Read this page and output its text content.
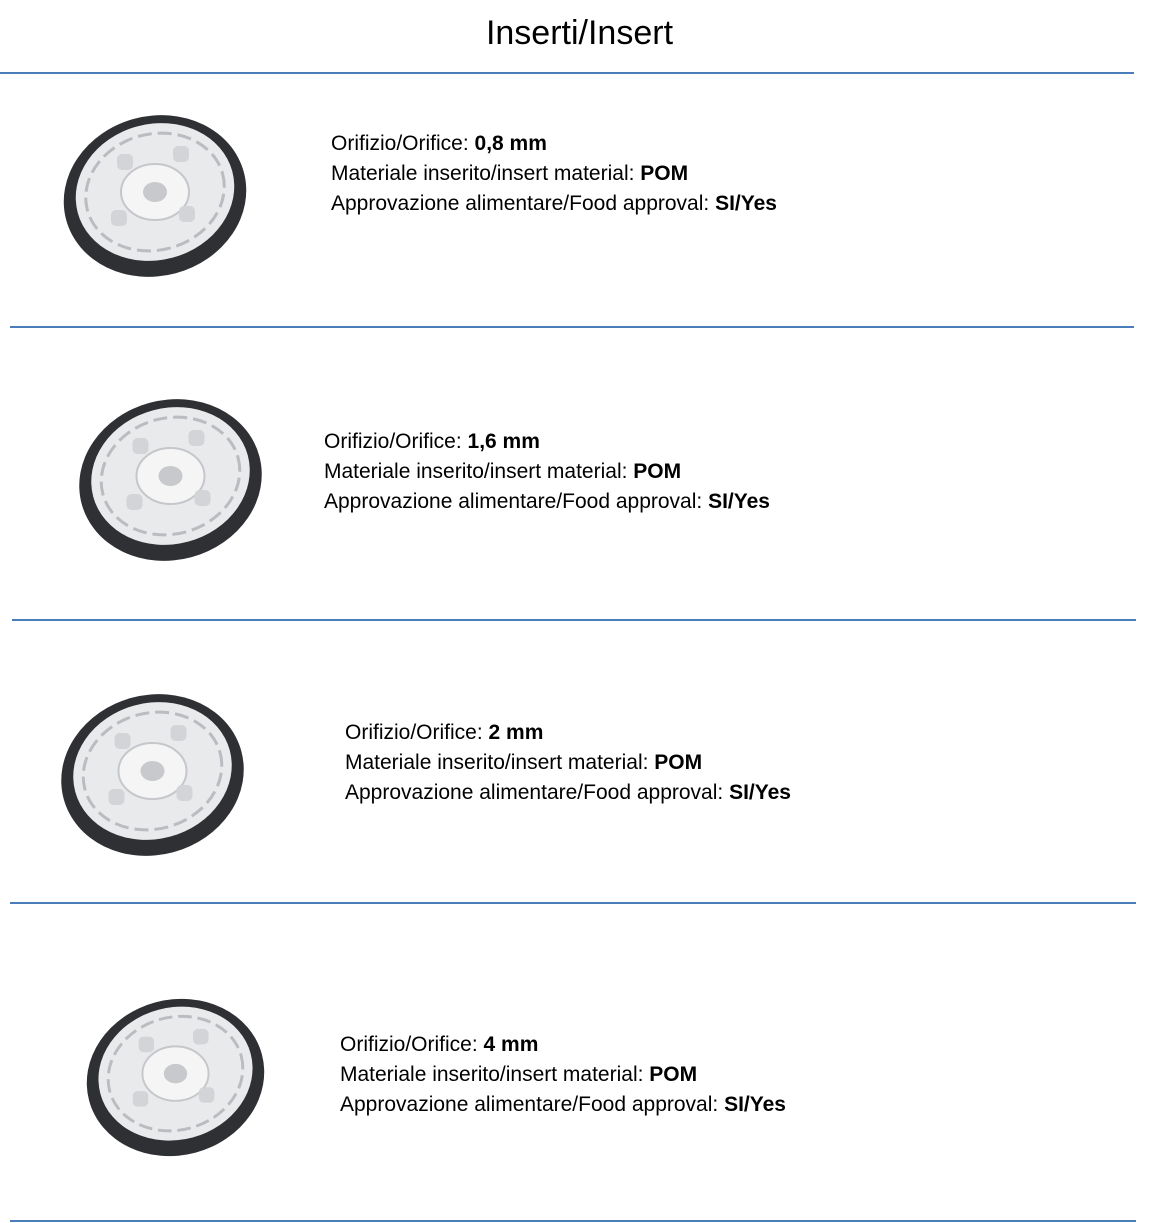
Inserti/Insert
Orifizio/Orifice: 0,8 mm
Materiale inserito/insert material: POM
Approvazione alimentare/Food approval: SI/Yes
Orifizio/Orifice: 1,6 mm
Materiale inserito/insert material: POM
Approvazione alimentare/Food approval: SI/Yes
Orifizio/Orifice: 2 mm
Materiale inserito/insert material: POM
Approvazione alimentare/Food approval: SI/Yes
Orifizio/Orifice: 4 mm
Materiale inserito/insert material: POM
Approvazione alimentare/Food approval: SI/Yes
